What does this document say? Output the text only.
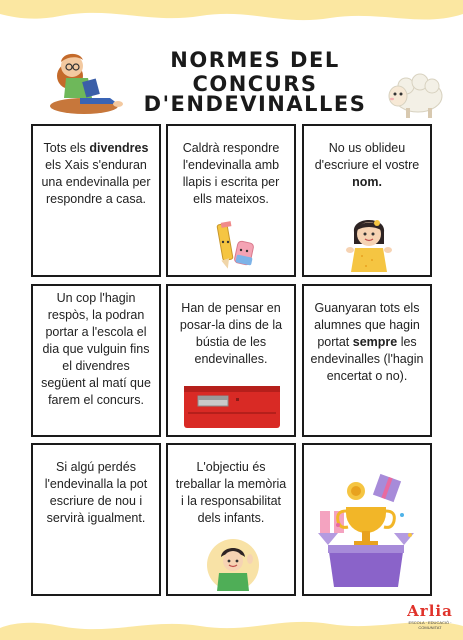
NORMES DEL CONCURS
D'ENDEVINALLES

Tots els divendres els Xais s'enduran una endevinalla per respondre a casa.

Caldrà respondre l'endevinalla amb llapis i escrita per ells mateixos.

No us oblideu d'escriure el vostre nom.

Un cop l'hagin respòs, la podran portar a l'escola el dia que vulguin fins el divendres següent al matí que farem el concurs.

Han de pensar en posar-la dins de la bústia de les endevinalles.

Guanyaran tots els alumnes que hagin portat sempre les endevinalles (l'hagin encertat o no).

Si algú perdés l'endevinalla la pot escriure de nou i servirà igualment.

L'objectiu és treballar la memòria i la responsabilitat dels infants.

Arlia
ESCOLA · EDUCACIÓ · COMUNITAT
